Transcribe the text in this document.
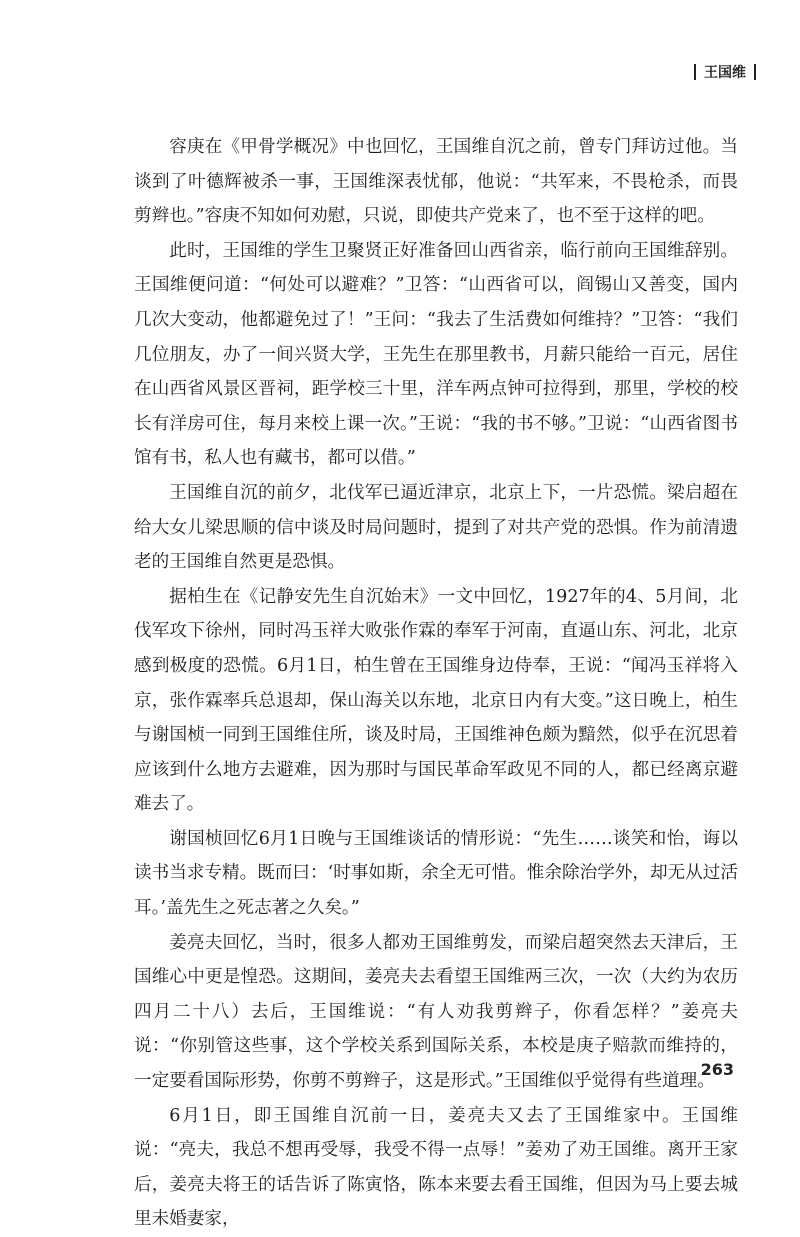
王国维

容庚在《甲骨学概况》中也回忆，王国维自沉之前，曾专门拜访过他。当谈到了叶德辉被杀一事，王国维深表忧郁，他说：“共军来，不畏枪杀，而畏剪辫也。”容庚不知如何劝慰，只说，即使共产党来了，也不至于这样的吧。

此时，王国维的学生卫聚贤正好准备回山西省亲，临行前向王国维辞别。王国维便问道：“何处可以避难？”卫答：“山西省可以，阎锡山又善变，国内几次大变动，他都避免过了！”王问：“我去了生活费如何维持？”卫答：“我们几位朋友，办了一间兴贤大学，王先生在那里教书，月薪只能给一百元，居住在山西省风景区晋祠，距学校三十里，洋车两点钟可拉得到，那里，学校的校长有洋房可住，每月来校上课一次。”王说：“我的书不够。”卫说：“山西省图书馆有书，私人也有藏书，都可以借。”

王国维自沉的前夕，北伐军已逼近津京，北京上下，一片恐慌。梁启超在给大女儿梁思顺的信中谈及时局问题时，提到了对共产党的恐惧。作为前清遗老的王国维自然更是恐惧。

据柏生在《记静安先生自沉始末》一文中回忆，1927年的4、5月间，北伐军攻下徐州，同时冯玉祥大败张作霖的奉军于河南，直逼山东、河北，北京感到极度的恐慌。6月1日，柏生曾在王国维身边侍奉，王说：“闻冯玉祥将入京，张作霖率兵总退却，保山海关以东地，北京日内有大变。”这日晚上，柏生与谢国桢一同到王国维住所，谈及时局，王国维神色颇为黯然，似乎在沉思着应该到什么地方去避难，因为那时与国民革命军政见不同的人，都已经离京避难去了。

谢国桢回忆6月1日晚与王国维谈话的情形说：“先生……谈笑和怡，诲以读书当求专精。既而曰：‘时事如斯，余全无可惜。惟余除治学外，却无从过活耳。’盖先生之死志著之久矣。”

姜亮夫回忆，当时，很多人都劝王国维剪发，而梁启超突然去天津后，王国维心中更是惶恐。这期间，姜亮夫去看望王国维两三次，一次（大约为农历四月二十八）去后，王国维说：“有人劝我剪辫子，你看怎样？”姜亮夫说：“你别管这些事，这个学校关系到国际关系，本校是庚子赔款而维持的，一定要看国际形势，你剪不剪辫子，这是形式。”王国维似乎觉得有些道理。

6月1日，即王国维自沉前一日，姜亮夫又去了王国维家中。王国维说：“亮夫，我总不想再受辱，我受不得一点辱！”姜劝了劝王国维。离开王家后，姜亮夫将王的话告诉了陈寅恪，陈本来要去看王国维，但因为马上要去城里未婚妻家，

263
